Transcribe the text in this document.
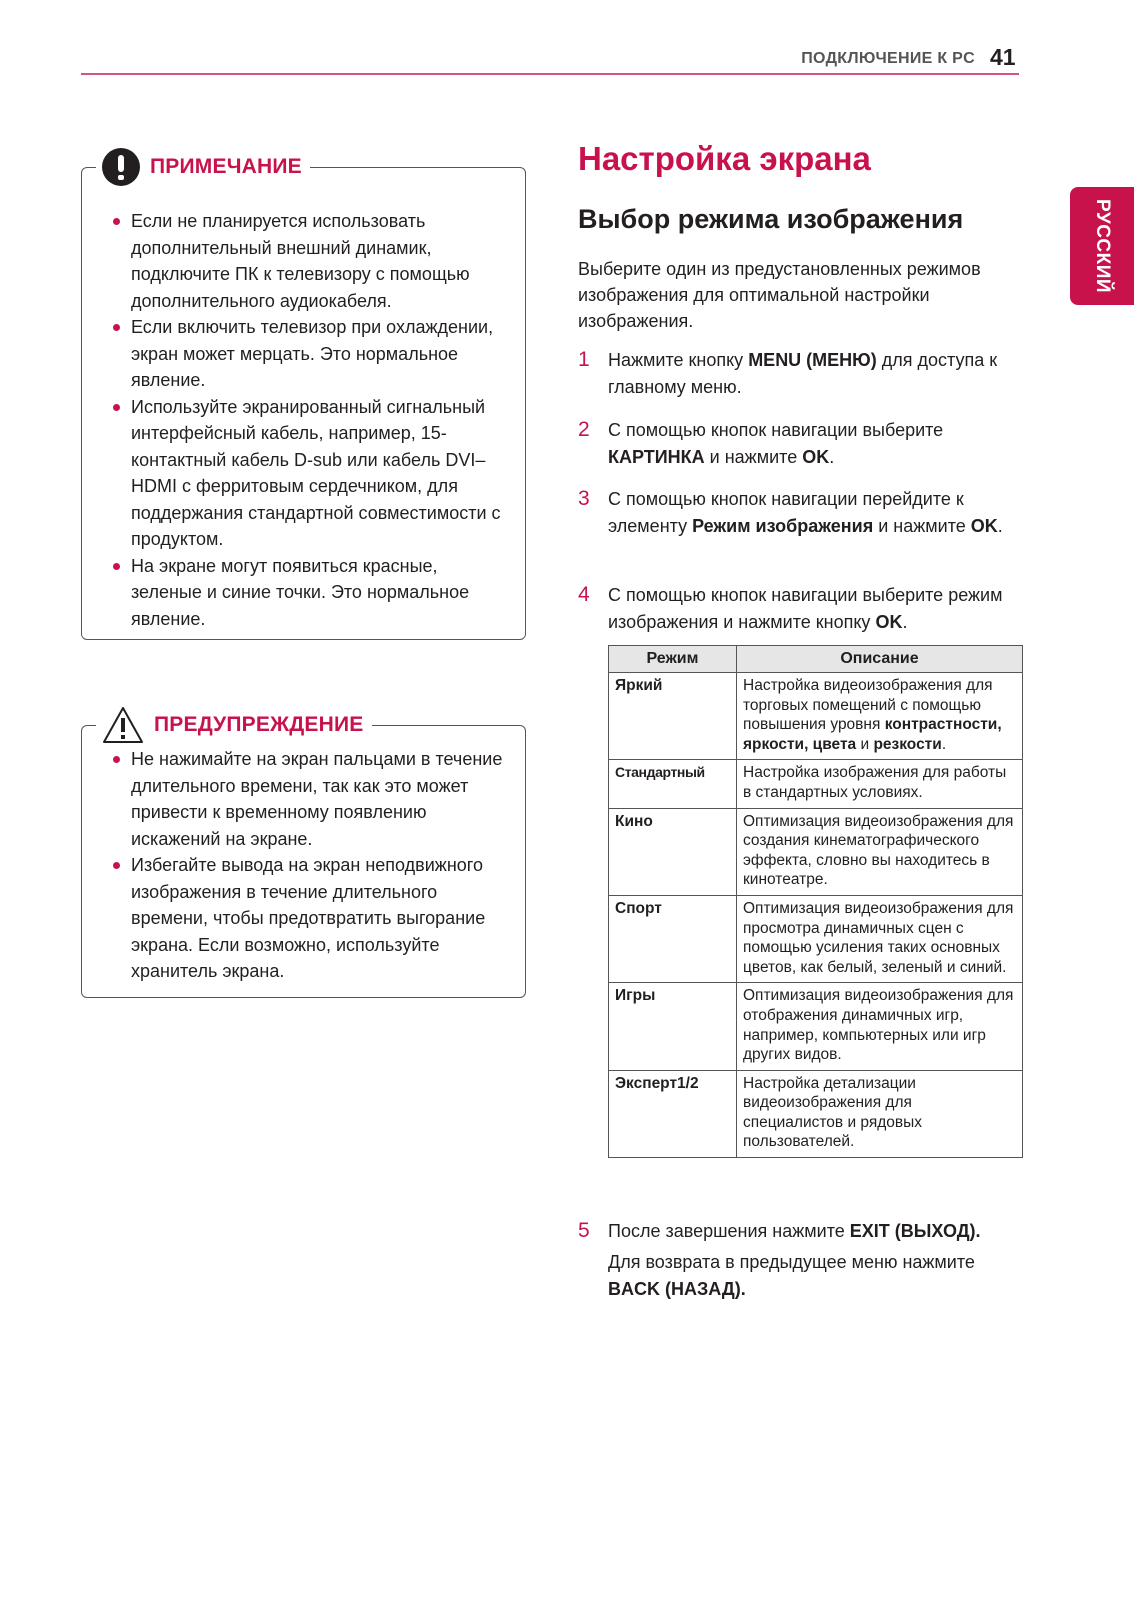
ПОДКЛЮЧЕНИЕ К PC 41
РУССКИЙ
ПРИМЕЧАНИЕ
Если не планируется использовать дополнительный внешний динамик, подключите ПК к телевизору с помощью дополнительного аудиокабеля.
Если включить телевизор при охлаждении, экран может мерцать. Это нормальное явление.
Используйте экранированный сигнальный интерфейсный кабель, например, 15-контактный кабель D-sub или кабель DVI–HDMI с ферритовым сердечником, для поддержания стандартной совместимости с продуктом.
На экране могут появиться красные, зеленые и синие точки. Это нормальное явление.
ПРЕДУПРЕЖДЕНИЕ
Не нажимайте на экран пальцами в течение длительного времени, так как это может привести к временному появлению искажений на экране.
Избегайте вывода на экран неподвижного изображения в течение длительного времени, чтобы предотвратить выгорание экрана. Если возможно, используйте хранитель экрана.
Настройка экрана
Выбор режима изображения

Выберите один из предустановленных режимов изображения для оптимальной настройки изображения.

1 Нажмите кнопку MENU (МЕНЮ) для доступа к главному меню.
2 С помощью кнопок навигации выберите КАРТИНКА и нажмите OK.
3 С помощью кнопок навигации перейдите к элементу Режим изображения и нажмите OK.
4 С помощью кнопок навигации выберите режим изображения и нажмите кнопку OK.
Режим	Описание
Яркий	Настройка видеоизображения для торговых помещений с помощью повышения уровня контрастности, яркости, цвета и резкости.
Стандартный	Настройка изображения для работы в стандартных условиях.
Кино	Оптимизация видеоизображения для создания кинематографического эффекта, словно вы находитесь в кинотеатре.
Спорт	Оптимизация видеоизображения для просмотра динамичных сцен с помощью усиления таких основных цветов, как белый, зеленый и синий.
Игры	Оптимизация видеоизображения для отображения динамичных игр, например, компьютерных или игр других видов.
Эксперт1/2	Настройка детализации видеоизображения для специалистов и рядовых пользователей.
5 После завершения нажмите EXIT (ВЫХОД).
Для возврата в предыдущее меню нажмите BACK (НАЗАД).
